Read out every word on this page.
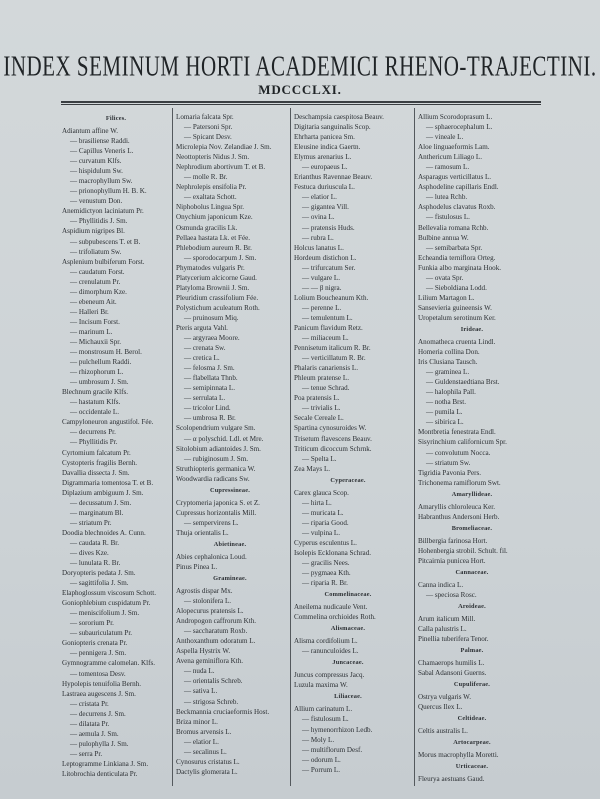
INDEX SEMINUM HORTI ACADEMICI RHENO-TRAJECTINI.
MDCCCLXI.
Filices.
Adiantum affine W.
— brasiliense Raddi.
— Capillus Veneris L.
— curvatum Klfs.
— hispidulum Sw.
— macrophyllum Sw.
— prionophyllum H. B. K.
— venustum Don.
Anemidictyon laciniatum Pr.
— Phyllitidis J. Sm.
Aspidium nigripes Bl.
— subpubescens T. et B.
— trifoliatum Sw.
Asplenium bulbiferum Forst.
— caudatum Forst.
— crenulatum Pr.
— dimorphum Kze.
— ebeneum Ait.
— Halleri Br.
— Incisum Forst.
— marinum L.
— Michauxii Spr.
— monstrosum H. Berol.
— pulchellum Raddi.
— rhizophorum L.
— umbrosum J. Sm.
Blechnum gracile Klfs.
— hastatum Klfs.
— occidentale L.
Campyloneuron angustifol. Fée.
— decurrens Pr.
— Phyllitidis Pr.
Cyrtomium falcatum Pr.
Cystopteris fragilis Bernh.
Davallia dissecta J. Sm.
Digrammaria tomentosa T. et B.
Diplazium ambiguum J. Sm.
— decussatum J. Sm.
— marginatum Bl.
— striatum Pr.
Doodia blechnoides A. Cunn.
— caudata R. Br.
— dives Kze.
— lunulata R. Br.
Doryopteris pedata J. Sm.
— sagittifolia J. Sm.
Elaphoglossum viscosum Schott.
Goniophlebium cuspidatum Pr.
— meniscifolium J. Sm.
— sororium Pr.
— subauriculatum Pr.
Goniopteris crenata Pr.
— pennigera J. Sm.
Gymnogramme calomelan. Klfs.
— tomentosa Desv.
Hypolepis tenuifolia Bernh.
Lastraea augescens J. Sm.
— cristata Pr.
— decurrens J. Sm.
— dilatata Pr.
— aemula J. Sm.
— pulophylla J. Sm.
— serra Pr.
Leptogramme Linkiana J. Sm.
Litobrochia denticulata Pr.
Lomaria falcata Spr.
— Patersoni Spr.
— Spicant Desv.
Microlepia Nov. Zelandiae J. Sm.
Neottopteris Nidus J. Sm.
Nephrodium abortivum T. et B.
— molle R. Br.
Nephrolepis ensifolia Pr.
— exaltata Schott.
Niphobolus Lingua Spr.
Onychium japonicum Kze.
Osmunda gracilis Lk.
Pellaea hastata Lk. et Fée.
Phlebodium aureum R. Br.
— sporodocarpum J. Sm.
Phymatodes vulgaris Pr.
Platycerium alcicorne Gaud.
Platyloma Brownii J. Sm.
Pleuridium crassifolium Fée.
Polystichum aculeatum Roth.
— pruinosum Miq.
Pteris arguta Vahl.
— argyraea Moore.
— crenata Sw.
— cretica L.
— felosma J. Sm.
— flabellata Thnb.
— semipinnata L.
— serrulata L.
— tricolor Lind.
— umbrosa R. Br.
Scolopendrium vulgare Sm.
— α polyschid. Ldl. et Mre.
Sitolobium adiantoides J. Sm.
— rubiginosum J. Sm.
Struthiopteris germanica W.
Woodwardia radicans Sw.
Cupressineae.
Cryptomeria japonica S. et Z.
Cupressus horizontalis Mill.
— sempervirens L.
Thuja orientalis L.
Abietineae.
Abies cephalonica Loud.
Pinus Pinea L.
Gramineae.
Agrostis dispar Mx.
— stolonifera L.
Alopecurus pratensis L.
Andropogon caffrorum Kth.
— saccharatum Roxb.
Anthoxanthum odoratum L.
Aspella Hystrix W.
Avena geminiflora Kth.
— nuda L.
— orientalis Schreb.
— sativa L.
— strigosa Schreb.
Beckmannia cruciaeformis Host.
Briza minor L.
Bromus arvensis L.
— elatior L.
— secalinus L.
Cynosurus cristatus L.
Dactylis glomerata L.
Deschampsia caespitosa Beauv.
Digitaria sanguinalis Scop.
Ehrharta panicea Sm.
Eleusine indica Gaertn.
Elymus arenarius L.
— europaeus L.
Erianthus Ravennae Beauv.
Festuca duriuscula L.
— elatior L.
— gigantea Vill.
— ovina L.
— pratensis Huds.
— rubra L.
Holcus lanatus L.
Hordeum distichon L.
— trifurcatum Ser.
— vulgare L.
— — β nigra.
Lolium Boucheanum Kth.
— perenne L.
— temulentum L.
Panicum flavidum Retz.
— miliaceum L.
Pennisetum italicum R. Br.
— verticillatum R. Br.
Phalaris canariensis L.
Phleum pratense L.
— tenue Schrad.
Poa pratensis L.
— trivialis L.
Secale Cereale L.
Spartina cynosuroides W.
Trisetum flavescens Beauv.
Triticum dicoccum Schrnk.
— Spelta L.
Zea Mays L.
Cyperaceae.
Carex glauca Scop.
— hirta L.
— muricata L.
— riparia Good.
— vulpina L.
Cyperus esculentus L.
Isolepis Ecklonana Schrad.
— gracilis Nees.
— pygmaea Kth.
— riparia R. Br.
Commelinaceae.
Aneilema nudicaule Vent.
Commelina orchioides Roth.
Alismaceae.
Alisma cordifolium L.
— ranunculoides L.
Juncaceae.
Juncus compressus Jacq.
Luzula maxima W.
Liliaceae.
Allium carinatum L.
— fistulosum L.
— hymenorrhizon Ledb.
— Moly L.
— multiflorum Desf.
— odorum L.
— Porrum L.
Allium Scorodoprasum L.
— sphaerocephalum L.
— vineale L.
Aloe linguaeformis Lam.
Anthericum Liliago L.
— ramosum L.
Asparagus verticillatus L.
Asphodeline capillaris Endl.
— lutea Rchb.
Asphodelus clavatus Roxb.
— fistulosus L.
Bellevalia romana Rchb.
Bulbine annua W.
— semibarbata Spr.
Echeandia terniflora Orteg.
Funkia albo marginata Hook.
— ovata Spr.
— Sieboldiana Lodd.
Lilium Martagon L.
Sansevieria guineensis W.
Uropetalum serotinum Ker.
Irideae.
Anomatheca cruenta Lindl.
Homeria collina Don.
Iris Clusiana Tausch.
— graminea L.
— Guldenstaedtiana Brst.
— halophila Pall.
— notha Brst.
— pumila L.
— sibirica L.
Montbretia fenestrata Endl.
Sisyrinchium californicum Spr.
— convolutum Nocca.
— striatum Sw.
Tigridia Pavonia Pers.
Trichonema ramiflorum Swt.
Amaryllideae.
Amaryllis chloroleuca Ker.
Habranthus Andersoni Herb.
Bromeliaceae.
Billbergia farinosa Hort.
Hohenbergia strobil. Schult. fil.
Pitcairnia punicea Hort.
Cannaceae.
Canna indica L.
— speciosa Rosc.
Aroideae.
Arum italicum Mill.
Calla palustris L.
Pinellia tuberifera Tenor.
Palmae.
Chamaerops humilis L.
Sabal Adansoni Guerns.
Cupuliferae.
Ostrya vulgaris W.
Quercus Ilex L.
Celtideae.
Celtis australis L.
Artocarpeae.
Morus macrophylla Moretti.
Urticaceae.
Fleurya aestuans Gaud.
